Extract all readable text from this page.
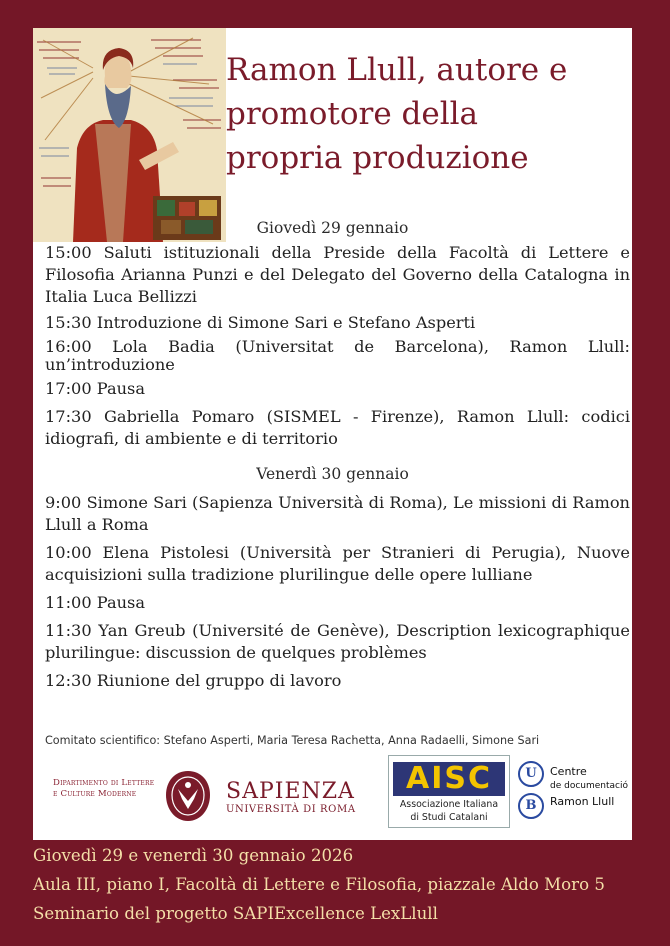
Ramon Llull, autore e
promotore della
propria produzione
Giovedì 29 gennaio
15:00 Saluti istituzionali della Preside della Facoltà di Lettere e Filosofia Arianna Punzi e del Delegato del Governo della Catalogna in Italia Luca Bellizzi
15:30 Introduzione di Simone Sari e Stefano Asperti
16:00 Lola Badia (Universitat de Barcelona), Ramon Llull: un’introduzione
17:00 Pausa
17:30 Gabriella Pomaro (SISMEL - Firenze), Ramon Llull: codici idiografi, di ambiente e di territorio
Venerdì 30 gennaio
9:00 Simone Sari (Sapienza Università di Roma), Le missioni di Ramon Llull a Roma
10:00 Elena Pistolesi (Università per Stranieri di Perugia), Nuove acquisizioni sulla tradizione plurilingue delle opere lulliane
11:00 Pausa
11:30 Yan Greub (Université de Genève), Description lexicographique plurilingue: discussion de quelques problèmes
12:30 Riunione del gruppo di lavoro
Comitato scientifico: Stefano Asperti, Maria Teresa Rachetta, Anna Radaelli, Simone Sari
Dipartimento di Lettere
e Culture Moderne	SAPIENZA
UNIVERSITÀ DI ROMA
AISC
Associazione Italiana
di Studi Catalani
U
B
Centre
de documentació
Ramon Llull
Giovedì 29 e venerdì 30 gennaio 2026
Aula III, piano I, Facoltà di Lettere e Filosofia, piazzale Aldo Moro 5
Seminario del progetto SAPIExcellence LexLlull
